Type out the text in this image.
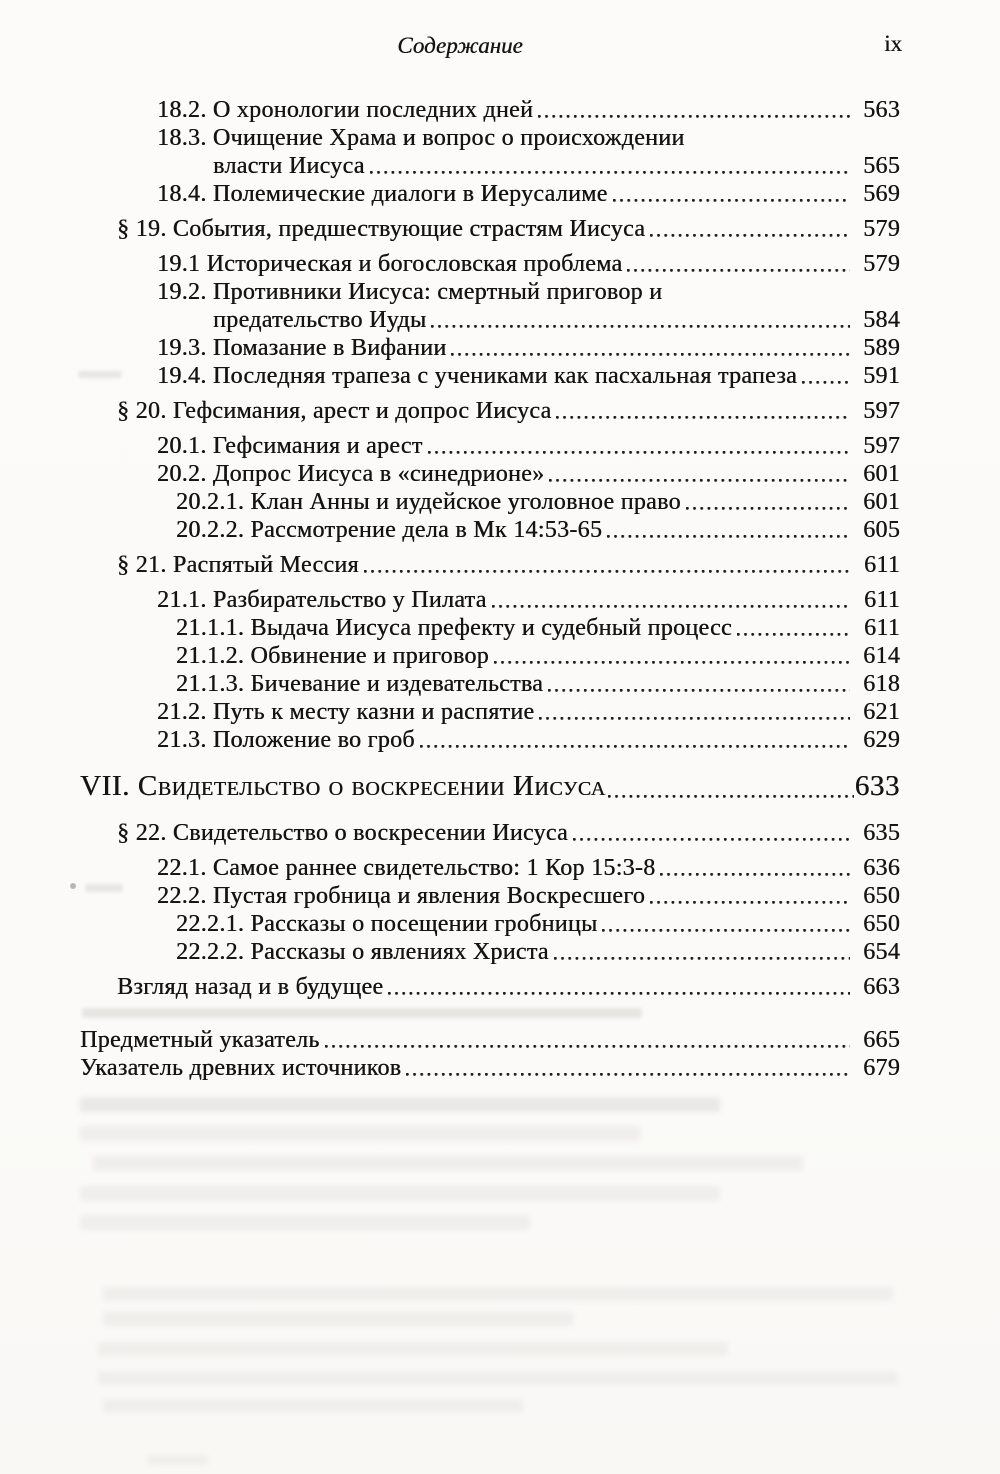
Содержание	ix
18.2. О хронологии последних дней	563
18.3. Очищение Храма и вопрос о происхождении
власти Иисуса	565
18.4. Полемические диалоги в Иерусалиме	569
§ 19. События, предшествующие страстям Иисуса	579
19.1 Историческая и богословская проблема	579
19.2. Противники Иисуса: смертный приговор и
предательство Иуды	584
19.3. Помазание в Вифании	589
19.4. Последняя трапеза с учениками как пасхальная трапеза	591
§ 20. Гефсимания, арест и допрос Иисуса	597
20.1. Гефсимания и арест	597
20.2. Допрос Иисуса в «синедрионе»	601
20.2.1. Клан Анны и иудейское уголовное право	601
20.2.2. Рассмотрение дела в Мк 14:53-65	605
§ 21. Распятый Мессия	611
21.1. Разбирательство у Пилата	611
21.1.1. Выдача Иисуса префекту и судебный процесс	611
21.1.2. Обвинение и приговор	614
21.1.3. Бичевание и издевательства	618
21.2. Путь к месту казни и распятие	621
21.3. Положение во гроб	629
VII. Свидетельство о воскресении Иисуса	633
§ 22. Свидетельство о воскресении Иисуса	635
22.1. Самое раннее свидетельство: 1 Кор 15:3-8	636
22.2. Пустая гробница и явления Воскресшего	650
22.2.1. Рассказы о посещении гробницы	650
22.2.2. Рассказы о явлениях Христа	654
Взгляд назад и в будущее	663
Предметный указатель	665
Указатель древних источников	679
